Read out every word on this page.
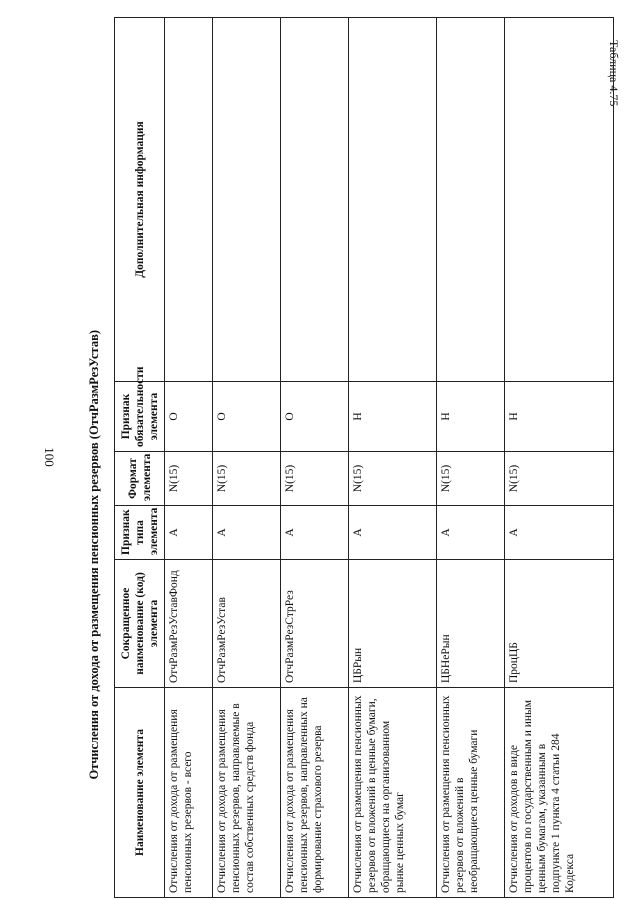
100
Таблица 4.75
Отчисления от дохода от размещения пенсионных резервов (ОтчРазмРезУстав)
Наименование элемента	Сокращенное наименование (код) элемента	Признак типа элемента	Формат элемента	Признак обязательности элемента	Дополнительная информация
Отчисления от дохода от размещения пенсионных резервов - всего	ОтчРазмРезУставФонд	А	N(15)	О	
Отчисления от дохода от размещения пенсионных резервов, направляемые в состав собственных средств фонда	ОтчРазмРезУстав	А	N(15)	О	
Отчисления от дохода от размещения пенсионных резервов, направленных на формирование страхового резерва	ОтчРазмРезСтрРез	А	N(15)	О	
Отчисления от размещения пенсионных резервов от вложений в ценные бумаги, обращающиеся на организованном рынке ценных бумаг	ЦБРын	А	N(15)	Н	
Отчисления от размещения пенсионных резервов от вложений в необращающиеся ценные бумаги	ЦБНеРын	А	N(15)	Н	
Отчисления от доходов в виде процентов по государственным и иным ценным бумагам, указанным в подпункте 1 пункта 4 статьи 284 Кодекса	ПроцЦБ	А	N(15)	Н	
